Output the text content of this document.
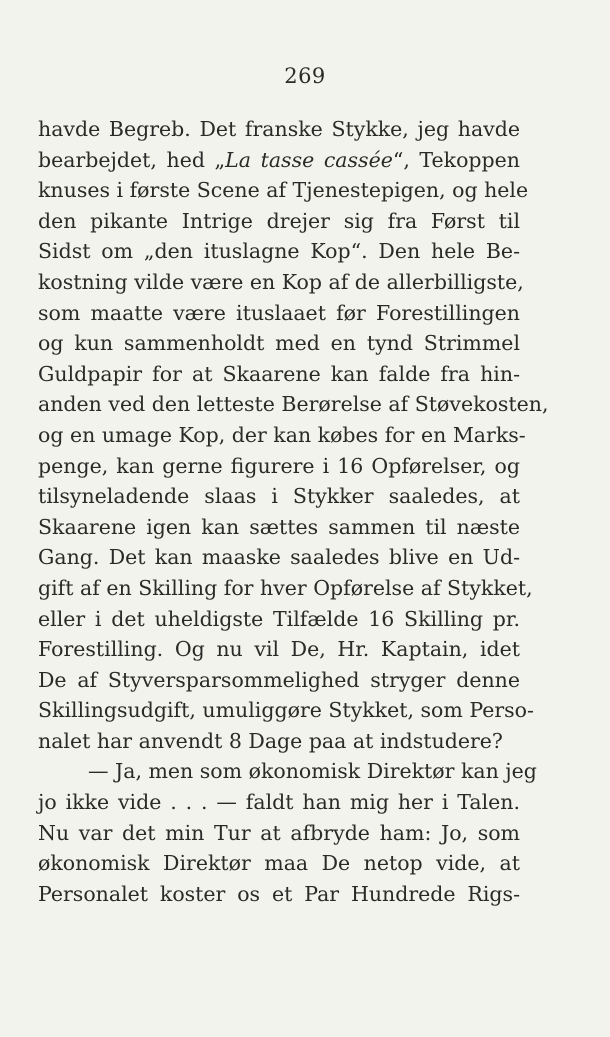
269
havde Begreb. Det franske Stykke, jeg havde
bearbejdet, hed „La tasse cassée“, Tekoppen
knuses i første Scene af Tjenestepigen, og hele
den pikante Intrige drejer sig fra Først til
Sidst om „den ituslagne Kop“. Den hele Be-
kostning vilde være en Kop af de allerbilligste,
som maatte være ituslaaet før Forestillingen
og kun sammenholdt med en tynd Strimmel
Guldpapir for at Skaarene kan falde fra hin-
anden ved den letteste Berørelse af Støvekosten,
og en umage Kop, der kan købes for en Marks-
penge, kan gerne figurere i 16 Opførelser, og
tilsyneladende slaas i Stykker saaledes, at
Skaarene igen kan sættes sammen til næste
Gang. Det kan maaske saaledes blive en Ud-
gift af en Skilling for hver Opførelse af Stykket,
eller i det uheldigste Tilfælde 16 Skilling pr.
Forestilling. Og nu vil De, Hr. Kaptain, idet
De af Styversparsommelighed stryger denne
Skillingsudgift, umuliggøre Stykket, som Perso-
nalet har anvendt 8 Dage paa at indstudere?
— Ja, men som økonomisk Direktør kan jeg
jo ikke vide . . . — faldt han mig her i Talen.
Nu var det min Tur at afbryde ham: Jo, som
økonomisk Direktør maa De netop vide, at
Personalet koster os et Par Hundrede Rigs-
